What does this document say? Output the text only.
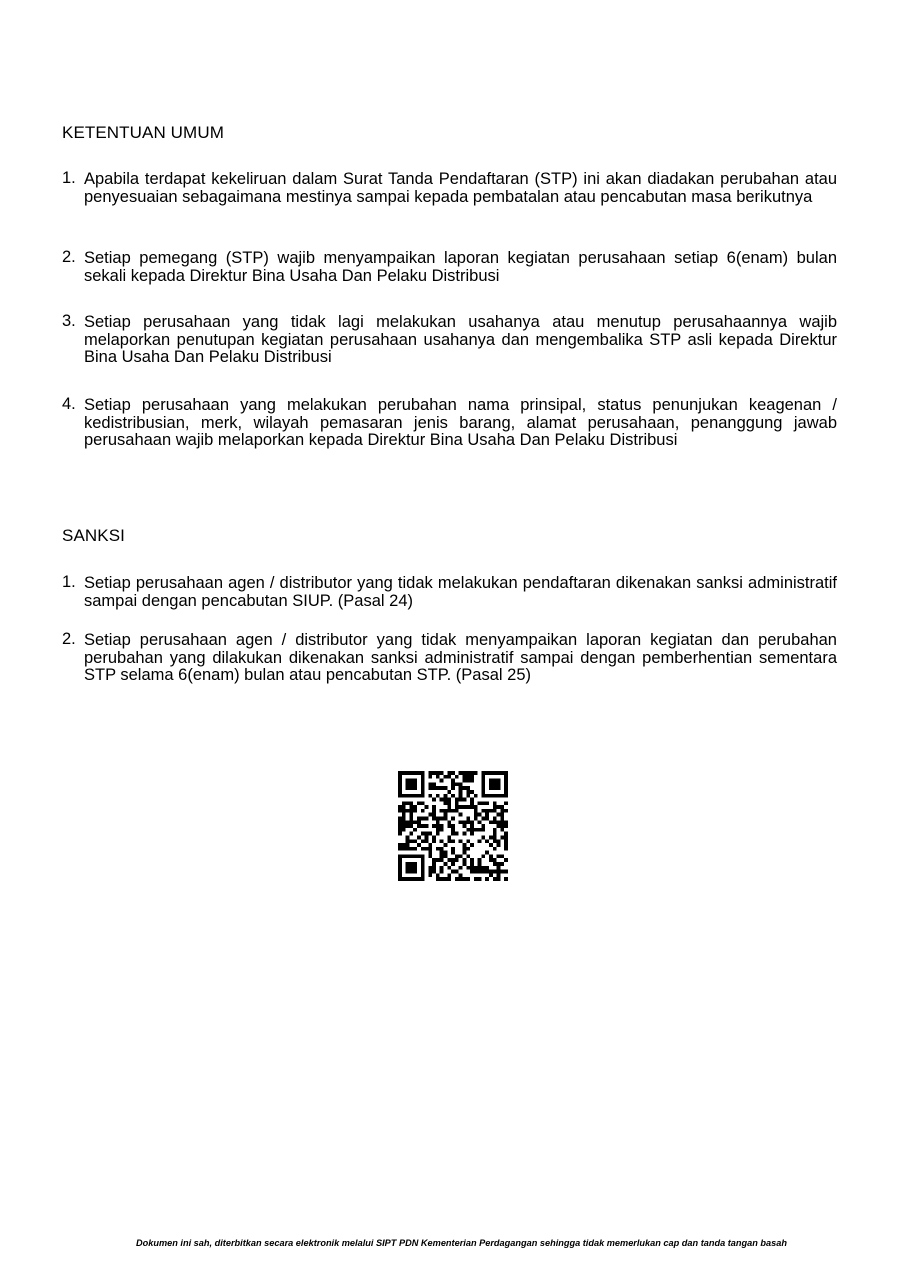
KETENTUAN UMUM
1. Apabila terdapat kekeliruan dalam Surat Tanda Pendaftaran (STP) ini akan diadakan perubahan atau penyesuaian sebagaimana mestinya sampai kepada pembatalan atau pencabutan masa berikutnya
2. Setiap pemegang (STP) wajib menyampaikan laporan kegiatan perusahaan setiap 6(enam) bulan sekali kepada Direktur Bina Usaha Dan Pelaku Distribusi
3. Setiap perusahaan yang tidak lagi melakukan usahanya atau menutup perusahaannya wajib melaporkan penutupan kegiatan perusahaan usahanya dan mengembalika STP asli kepada Direktur Bina Usaha Dan Pelaku Distribusi
4. Setiap perusahaan yang melakukan perubahan nama prinsipal, status penunjukan keagenan / kedistribusian, merk, wilayah pemasaran jenis barang, alamat perusahaan, penanggung jawab perusahaan wajib melaporkan kepada Direktur Bina Usaha Dan Pelaku Distribusi
SANKSI
1. Setiap perusahaan agen / distributor yang tidak melakukan pendaftaran dikenakan sanksi administratif sampai dengan pencabutan SIUP. (Pasal 24)
2. Setiap perusahaan agen / distributor yang tidak menyampaikan laporan kegiatan dan perubahan perubahan yang dilakukan dikenakan sanksi administratif sampai dengan pemberhentian sementara STP selama 6(enam) bulan atau pencabutan STP. (Pasal 25)
Dokumen ini sah, diterbitkan secara elektronik melalui SIPT PDN Kementerian Perdagangan sehingga tidak memerlukan cap dan tanda tangan basah
